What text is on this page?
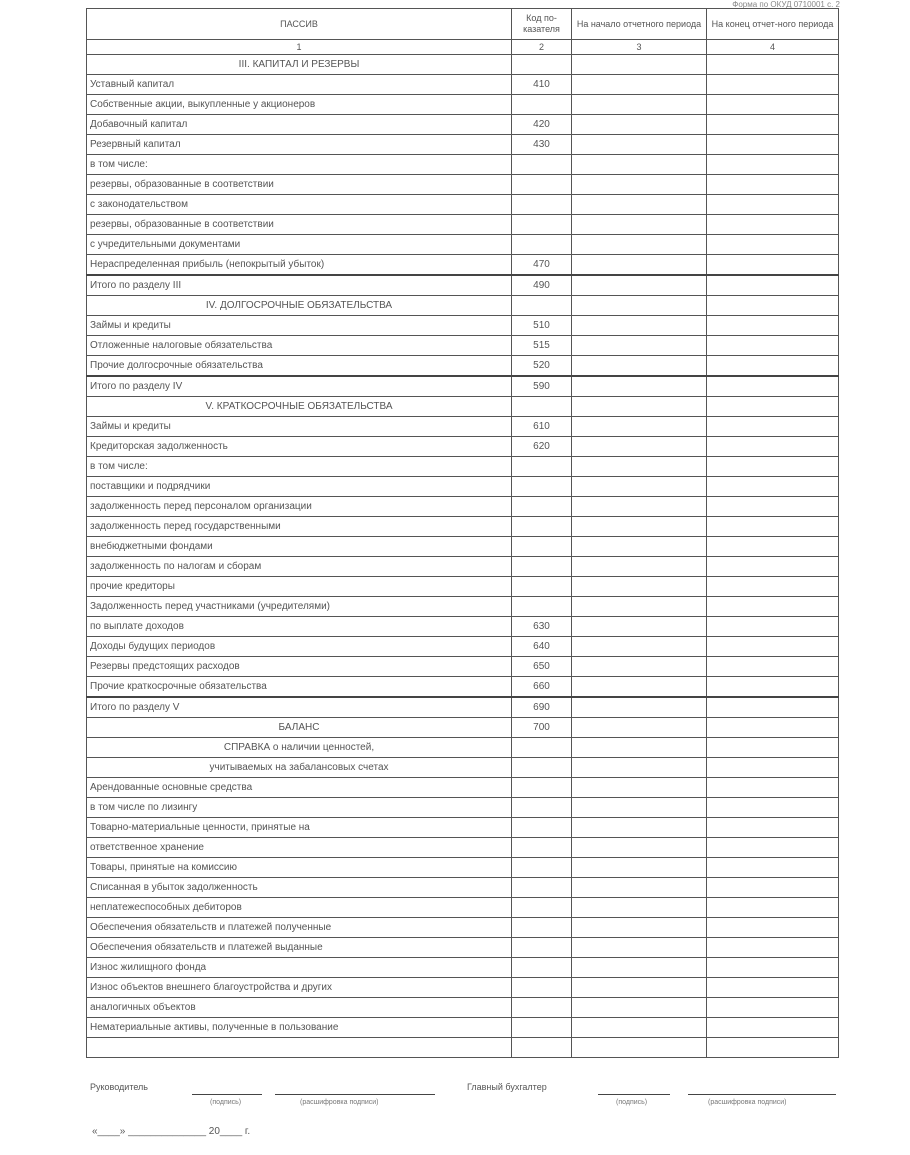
Форма по ОКУД 0710001 с. 2
ПАССИВ	Код по-казателя	На начало отчетного периода	На конец отчет-ного периода
1	2	3	4
III. КАПИТАЛ И РЕЗЕРВЫ			
Уставный капитал	410		
Собственные акции, выкупленные у акционеров			
Добавочный капитал	420		
Резервный капитал	430		
в том числе:			
резервы, образованные в соответствии			
с законодательством			
резервы, образованные в соответствии			
с учредительными документами			
Нераспределенная прибыль (непокрытый убыток)	470		
Итого по разделу III	490		
IV. ДОЛГОСРОЧНЫЕ ОБЯЗАТЕЛЬСТВА			
Займы и кредиты	510		
Отложенные налоговые обязательства	515		
Прочие долгосрочные обязательства	520		
Итого по разделу IV	590		
V. КРАТКОСРОЧНЫЕ ОБЯЗАТЕЛЬСТВА			
Займы и кредиты	610		
Кредиторская задолженность	620		
в том числе:			
поставщики и подрядчики			
задолженность перед персоналом организации			
задолженность перед государственными			
внебюджетными фондами			
задолженность по налогам и сборам			
прочие кредиторы			
Задолженность перед участниками (учредителями)			
по выплате доходов	630		
Доходы будущих периодов	640		
Резервы предстоящих расходов	650		
Прочие краткосрочные обязательства	660		
Итого по разделу V	690		
БАЛАНС	700		
СПРАВКА о наличии ценностей,			
учитываемых на забалансовых счетах			
Арендованные основные средства			
в том числе по лизингу			
Товарно-материальные ценности, принятые на			
ответственное хранение			
Товары, принятые на комиссию			
Списанная в убыток задолженность			
неплатежеспособных дебиторов			
Обеспечения обязательств и платежей полученные			
Обеспечения обязательств и платежей выданные			
Износ жилищного фонда			
Износ объектов внешнего благоустройства и других			
аналогичных объектов			
Нематериальные активы, полученные в пользование			

Руководитель
(подпись)	(расшифровка подписи)
Главный бухгалтер
(подпись)	(расшифровка подписи)
«____» ______________ 20____ г.
